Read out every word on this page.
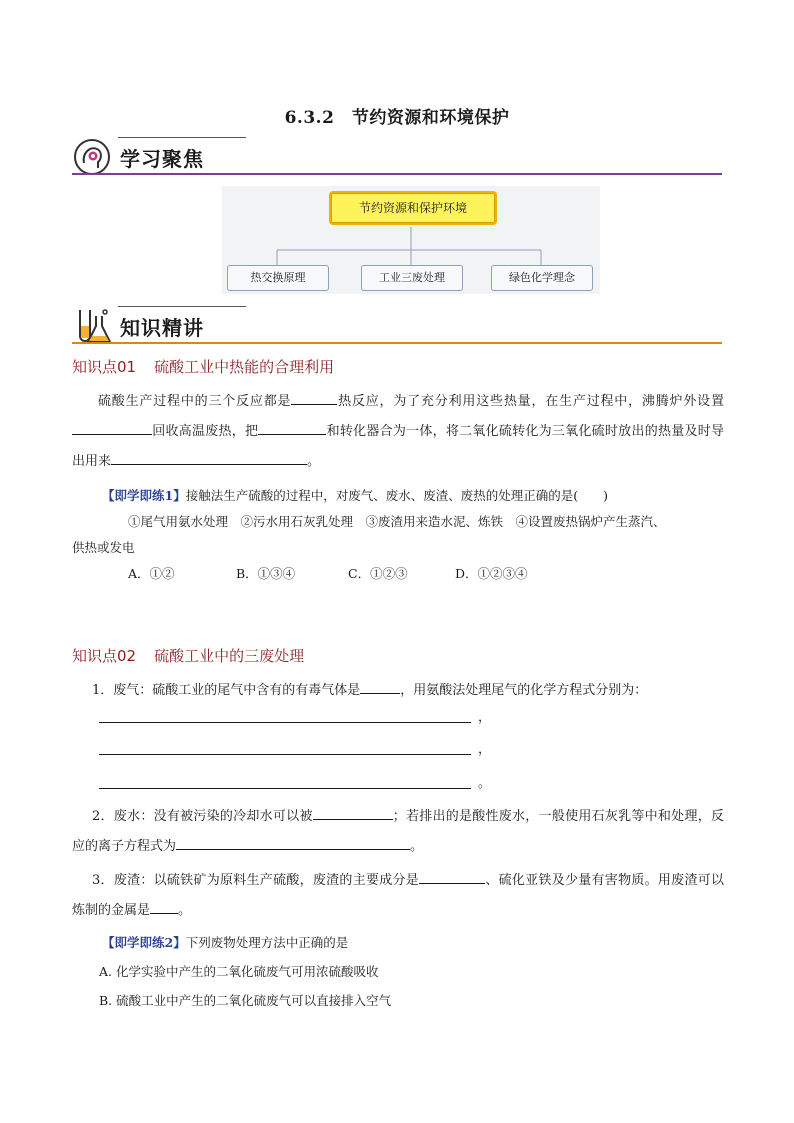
6.3.2　节约资源和环境保护
学习聚焦
节约资源和保护环境
热交换原理	工业三废处理	绿色化学理念
知识精讲
知识点01 硫酸工业中热能的合理利用
硫酸生产过程中的三个反应都是	热反应，为了充分利用这些热量，在生产过程中，沸腾炉外设置回收高温废热，把	和转化器合为一体，将二氧化硫转化为三氧化硫时放出的热量及时导出用来	。
【即学即练1】接触法生产硫酸的过程中，对废气、废水、废渣、废热的处理正确的是(　　)
①尾气用氨水处理　②污水用石灰乳处理　③废渣用来造水泥、炼铁　④设置废热锅炉产生蒸汽、
供热或发电
A．①②	B．①③④	C．①②③	D．①②③④
知识点02 硫酸工业中的三废处理
1．废气：硫酸工业的尾气中含有的有毒气体是	，用氨酸法处理尾气的化学方程式分别为：
，
，
。
2．废水：没有被污染的冷却水可以被	；若排出的是酸性废水，一般使用石灰乳等中和处理，反应的离子方程式为	。
3．废渣：以硫铁矿为原料生产硫酸，废渣的主要成分是	、硫化亚铁及少量有害物质。用废渣可以炼制的金属是 。
【即学即练2】下列废物处理方法中正确的是
A. 化学实验中产生的二氧化硫废气可用浓硫酸吸收
B. 硫酸工业中产生的二氧化硫废气可以直接排入空气
